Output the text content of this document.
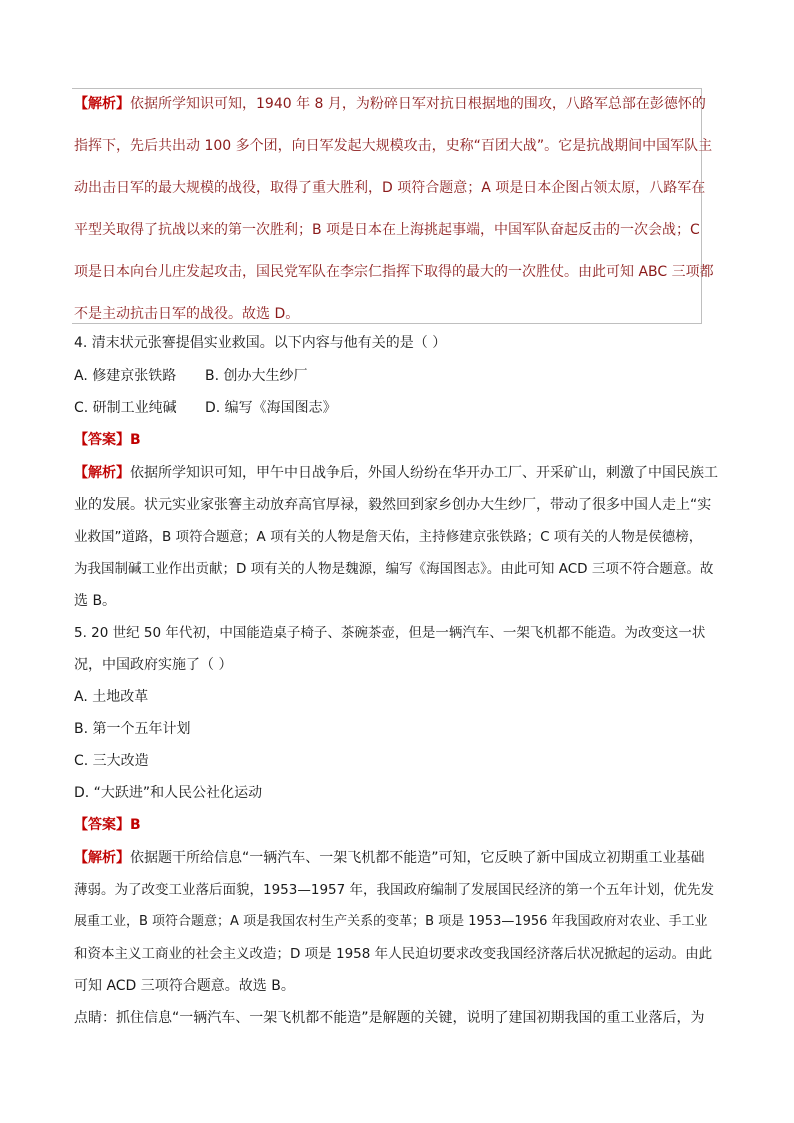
【解析】依据所学知识可知，1940 年 8 月，为粉碎日军对抗日根据地的围攻，八路军总部在彭德怀的
指挥下，先后共出动 100 多个团，向日军发起大规模攻击，史称“百团大战”。它是抗战期间中国军队主
动出击日军的最大规模的战役，取得了重大胜利，D 项符合题意；A 项是日本企图占领太原，八路军在
平型关取得了抗战以来的第一次胜利；B 项是日本在上海挑起事端，中国军队奋起反击的一次会战；C
项是日本向台儿庄发起攻击，国民党军队在李宗仁指挥下取得的最大的一次胜仗。由此可知 ABC 三项都
不是主动抗击日军的战役。故选 D。
4. 清末状元张謇提倡实业救国。以下内容与他有关的是（ ）
A. 修建京张铁路 B. 创办大生纱厂
C. 研制工业纯碱 D. 编写《海国图志》
【答案】B
【解析】依据所学知识可知，甲午中日战争后，外国人纷纷在华开办工厂、开采矿山，刺激了中国民族工
业的发展。状元实业家张謇主动放弃高官厚禄，毅然回到家乡创办大生纱厂，带动了很多中国人走上“实
业救国”道路，B 项符合题意；A 项有关的人物是詹天佑，主持修建京张铁路；C 项有关的人物是侯德榜，
为我国制碱工业作出贡献；D 项有关的人物是魏源，编写《海国图志》。由此可知 ACD 三项不符合题意。故
选 B。
5. 20 世纪 50 年代初，中国能造桌子椅子、茶碗茶壶，但是一辆汽车、一架飞机都不能造。为改变这一状
况，中国政府实施了（ ）
A. 土地改革
B. 第一个五年计划
C. 三大改造
D. “大跃进”和人民公社化运动
【答案】B
【解析】依据题干所给信息“一辆汽车、一架飞机都不能造”可知，它反映了新中国成立初期重工业基础
薄弱。为了改变工业落后面貌，1953—1957 年，我国政府编制了发展国民经济的第一个五年计划，优先发
展重工业，B 项符合题意；A 项是我国农村生产关系的变革；B 项是 1953—1956 年我国政府对农业、手工业
和资本主义工商业的社会主义改造；D 项是 1958 年人民迫切要求改变我国经济落后状况掀起的运动。由此
可知 ACD 三项符合题意。故选 B。
点睛：抓住信息“一辆汽车、一架飞机都不能造”是解题的关键，说明了建国初期我国的重工业落后，为
